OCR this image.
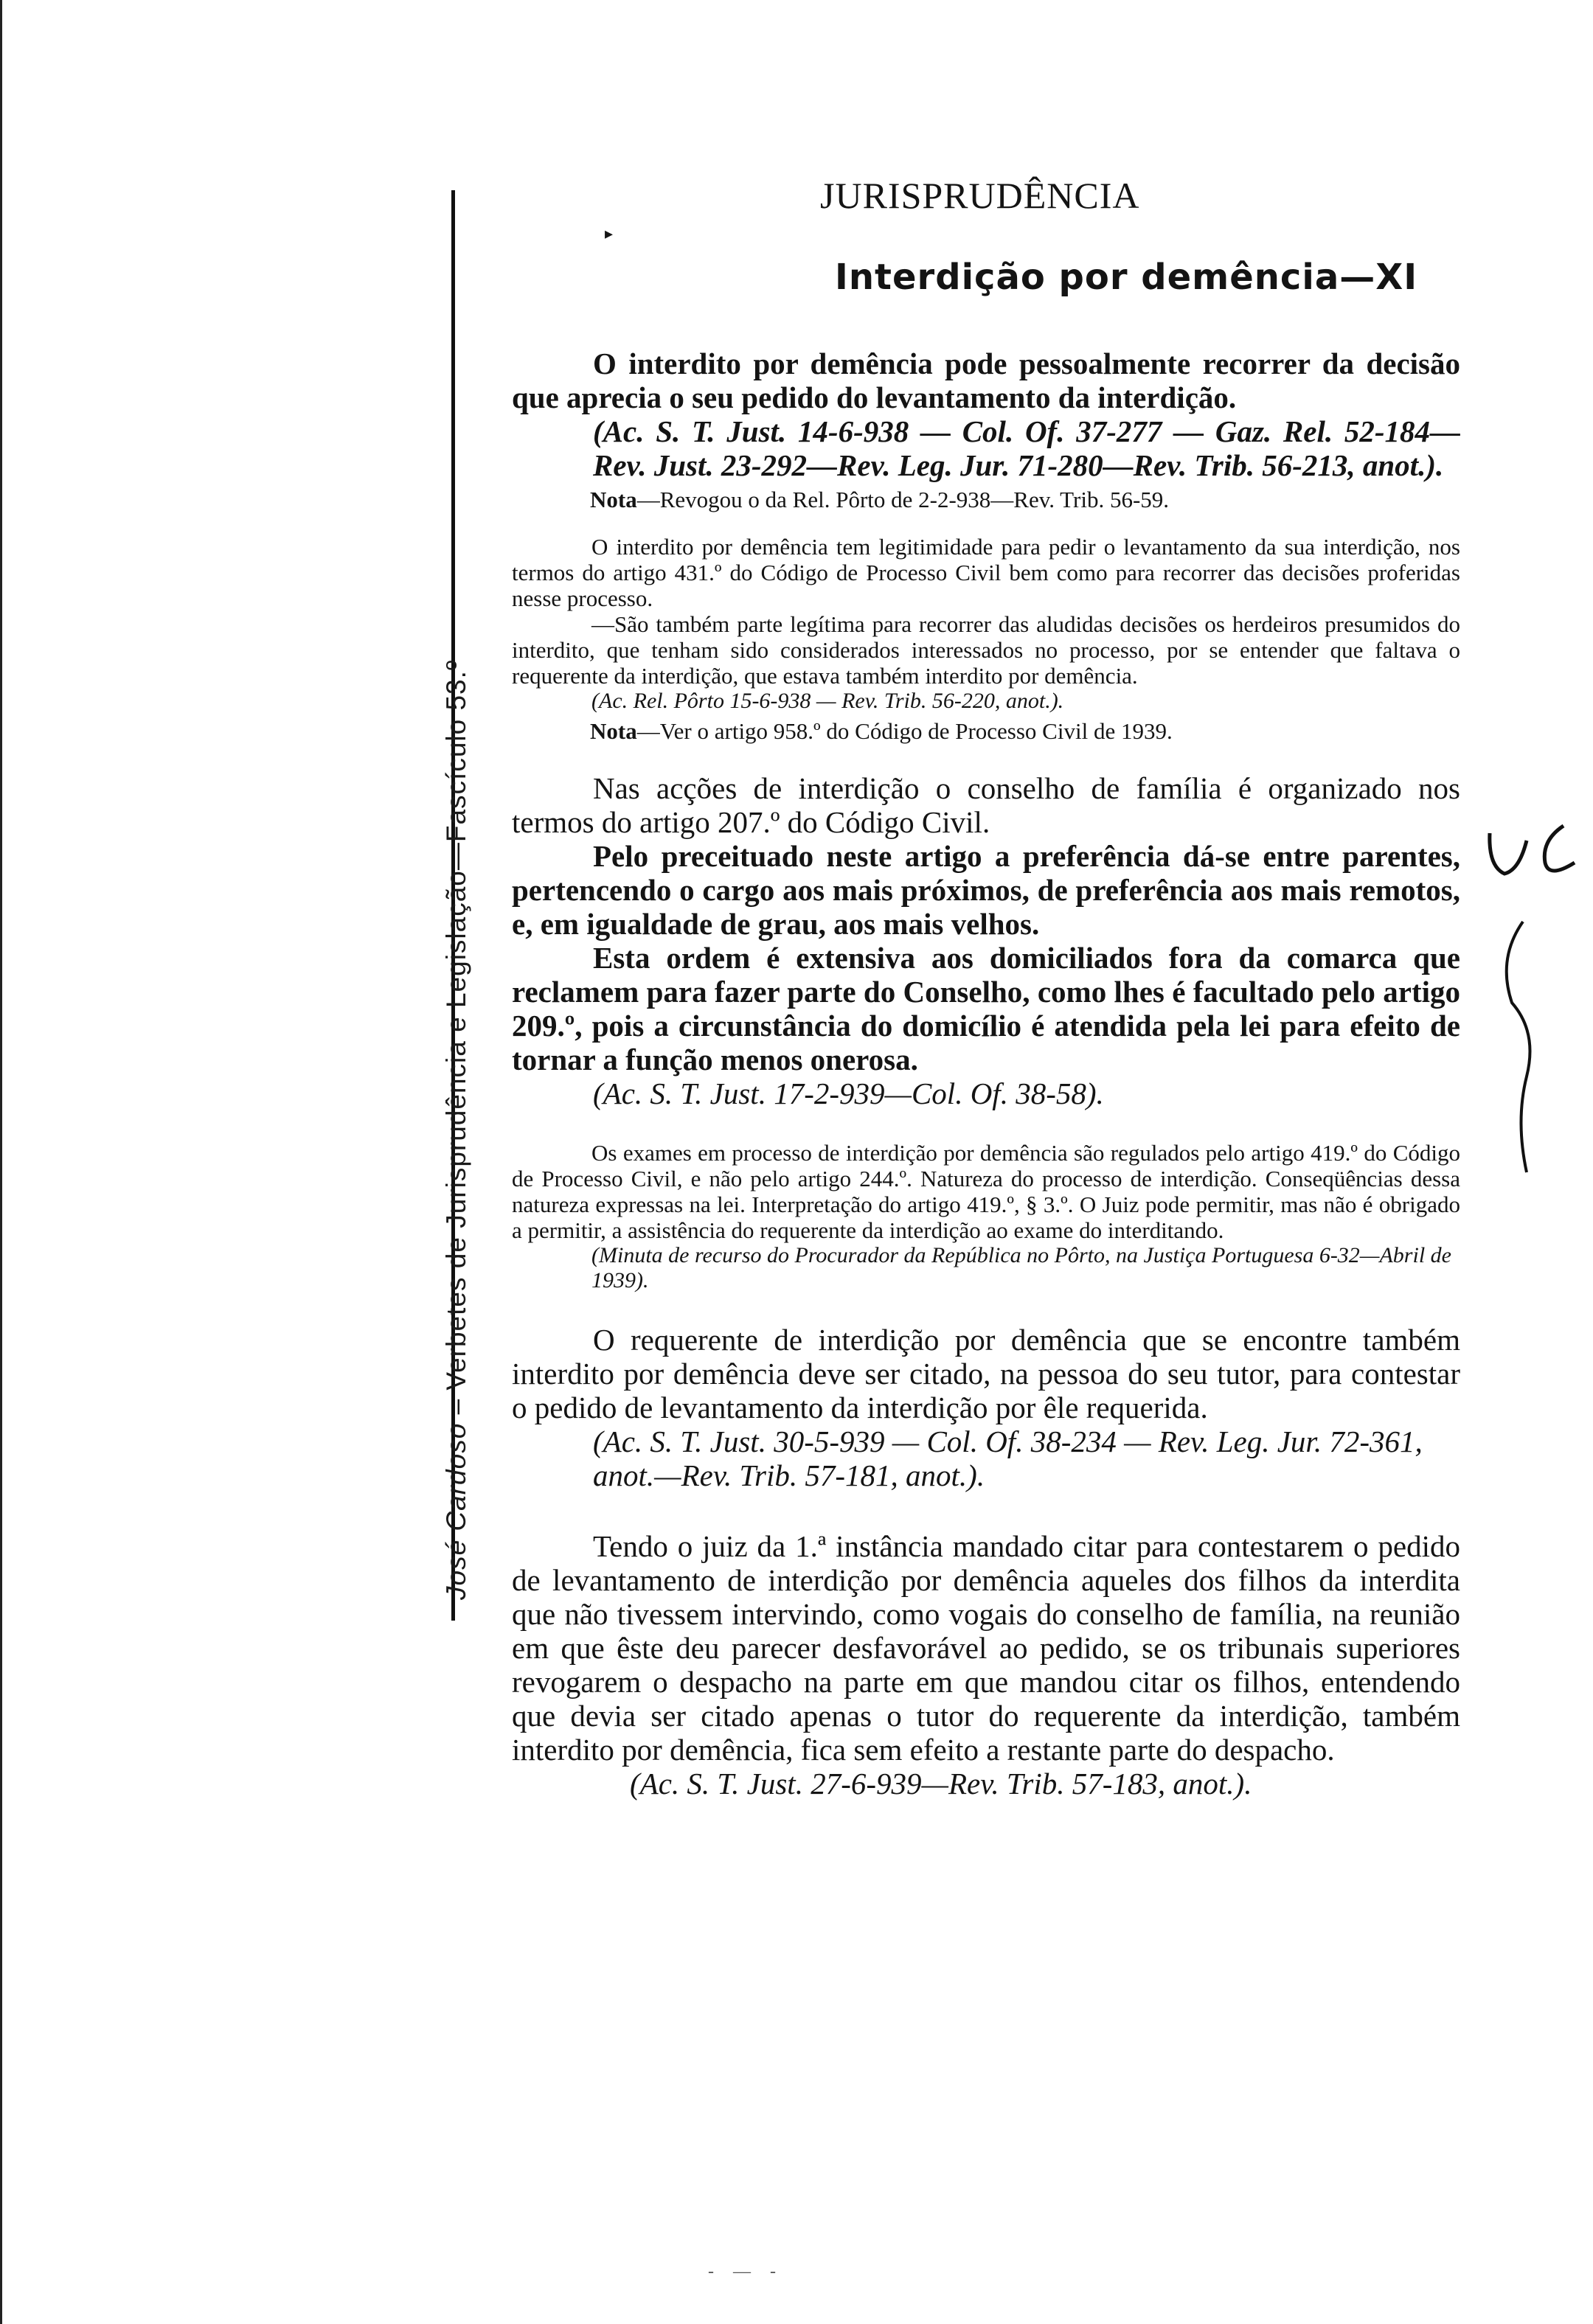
José Cardoso – Verbetes de Jurisprudência e Legislação—Fascículo 53.º
JURISPRUDÊNCIA
▸
Interdição por demência—XI

O interdito por demência pode pessoalmente recorrer da decisão que aprecia o seu pedido do levantamento da interdição.
(Ac. S. T. Just. 14-6-938 — Col. Of. 37-277 — Gaz. Rel. 52-184—Rev. Just. 23-292—Rev. Leg. Jur. 71-280—Rev. Trib. 56-213, anot.).

Nota—Revogou o da Rel. Pôrto de 2-2-938—Rev. Trib. 56-59.

O interdito por demência tem legitimidade para pedir o levantamento da sua interdição, nos termos do artigo 431.º do Código de Processo Civil bem como para recorrer das decisões proferidas nesse processo.

—São também parte legítima para recorrer das aludidas decisões os herdeiros presumidos do interdito, que tenham sido considerados interessados no processo, por se entender que faltava o requerente da interdição, que estava também interdito por demência.

(Ac. Rel. Pôrto 15-6-938 — Rev. Trib. 56-220, anot.).
Nota—Ver o artigo 958.º do Código de Processo Civil de 1939.

Nas acções de interdição o conselho de família é organizado nos termos do artigo 207.º do Código Civil.

Pelo preceituado neste artigo a preferência dá-se entre parentes, pertencendo o cargo aos mais próximos, de preferência aos mais remotos, e, em igualdade de grau, aos mais velhos.

Esta ordem é extensiva aos domiciliados fora da comarca que reclamem para fazer parte do Conselho, como lhes é facultado pelo artigo 209.º, pois a circunstância do domicílio é atendida pela lei para efeito de tornar a função menos onerosa.

(Ac. S. T. Just. 17-2-939—Col. Of. 38-58).

Os exames em processo de interdição por demência são regulados pelo artigo 419.º do Código de Processo Civil, e não pelo artigo 244.º. Natureza do processo de interdição. Conseqüências dessa natureza expressas na lei. Interpretação do artigo 419.º, § 3.º. O Juiz pode permitir, mas não é obrigado a permitir, a assistência do requerente da interdição ao exame do interditando.

(Minuta de recurso do Procurador da República no Pôrto, na Justiça Portuguesa 6-32—Abril de 1939).

O requerente de interdição por demência que se encontre também interdito por demência deve ser citado, na pessoa do seu tutor, para contestar o pedido de levantamento da interdição por êle requerida.

(Ac. S. T. Just. 30-5-939 — Col. Of. 38-234 — Rev. Leg. Jur. 72-361, anot.—Rev. Trib. 57-181, anot.).

Tendo o juiz da 1.ª instância mandado citar para contestarem o pedido de levantamento de interdição por demência aqueles dos filhos da interdita que não tivessem intervindo, como vogais do conselho de família, na reunião em que êste deu parecer desfavorável ao pedido, se os tribunais superiores revogarem o despacho na parte em que mandou citar os filhos, entendendo que devia ser citado apenas o tutor do requerente da interdição, também interdito por demência, fica sem efeito a restante parte do despacho.

(Ac. S. T. Just. 27-6-939—Rev. Trib. 57-183, anot.).
- — -
